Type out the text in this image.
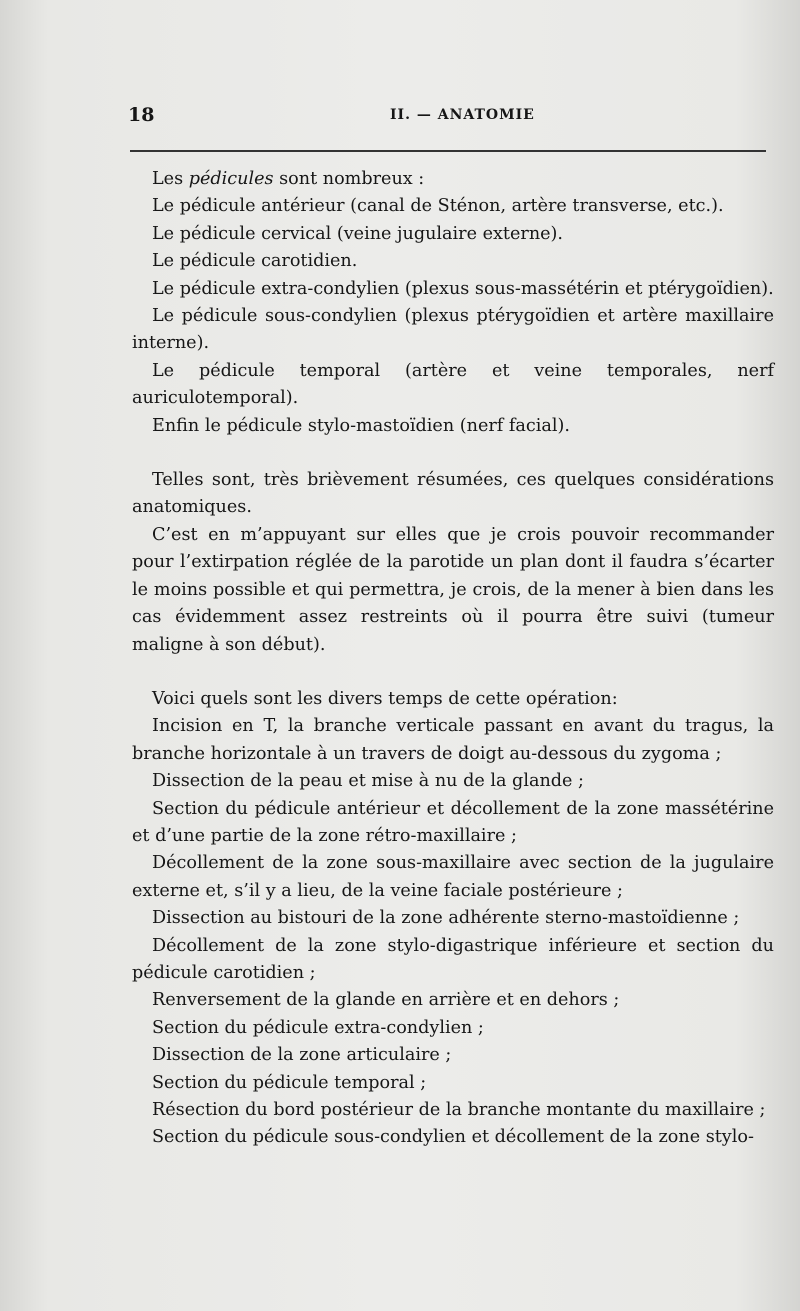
18	II. — ANATOMIE

Les pédicules sont nombreux :

Le pédicule antérieur (canal de Sténon, artère transverse, etc.).

Le pédicule cervical (veine jugulaire externe).

Le pédicule carotidien.

Le pédicule extra-condylien (plexus sous-massétérin et ptérygoïdien).

Le pédicule sous-condylien (plexus ptérygoïdien et artère maxillaire interne).

Le pédicule temporal (artère et veine temporales, nerf auriculotemporal).

Enfin le pédicule stylo-mastoïdien (nerf facial).

Telles sont, très brièvement résumées, ces quelques considérations anatomiques.

C’est en m’appuyant sur elles que je crois pouvoir recommander pour l’extirpation réglée de la parotide un plan dont il faudra s’écarter le moins possible et qui permettra, je crois, de la mener à bien dans les cas évidemment assez restreints où il pourra être suivi (tumeur maligne à son début).

Voici quels sont les divers temps de cette opération:

Incision en T, la branche verticale passant en avant du tragus, la branche horizontale à un travers de doigt au-dessous du zygoma ;

Dissection de la peau et mise à nu de la glande ;

Section du pédicule antérieur et décollement de la zone massétérine et d’une partie de la zone rétro-maxillaire ;

Décollement de la zone sous-maxillaire avec section de la jugulaire externe et, s’il y a lieu, de la veine faciale postérieure ;

Dissection au bistouri de la zone adhérente sterno-mastoïdienne ;

Décollement de la zone stylo-digastrique inférieure et section du pédicule carotidien ;

Renversement de la glande en arrière et en dehors ;

Section du pédicule extra-condylien ;

Dissection de la zone articulaire ;

Section du pédicule temporal ;

Résection du bord postérieur de la branche montante du maxillaire ;

Section du pédicule sous-condylien et décollement de la zone stylo-
